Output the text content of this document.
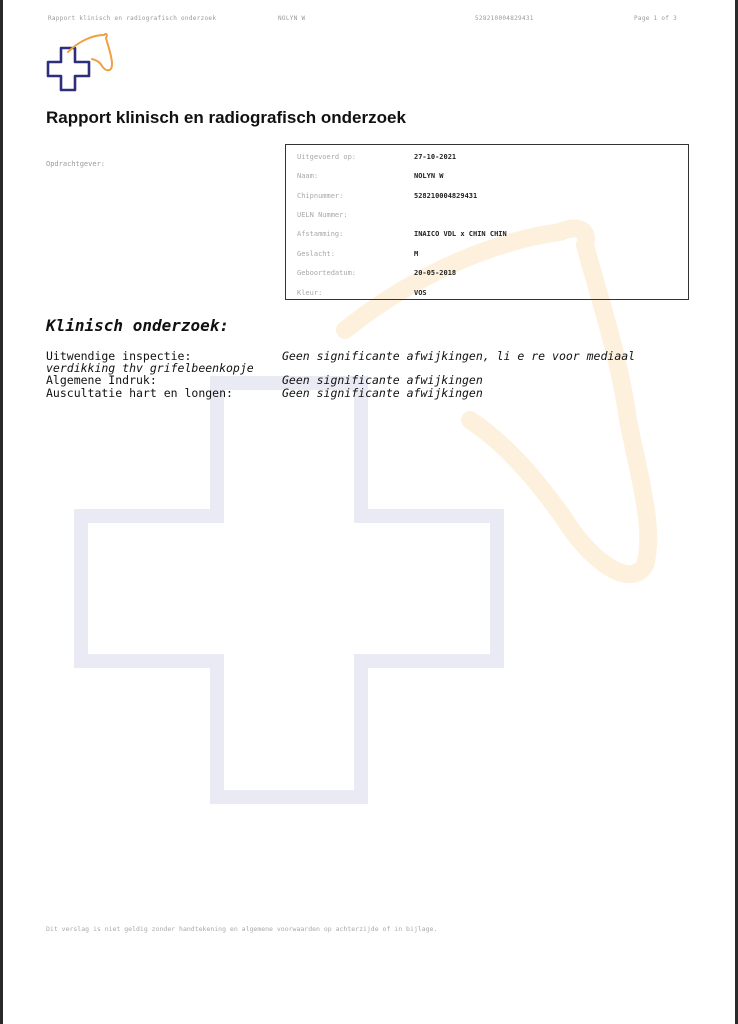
Rapport klinisch en radiografisch onderzoek	NOLYN W	528210004829431	Page 1 of 3
Rapport klinisch en radiografisch onderzoek
Opdrachtgever:
Uitgevoerd op:	27-10-2021
Naam:	NOLYN W
Chipnummer:	528210004829431
UELN Nummer:
Afstamming:	INAICO VDL x CHIN CHIN
Geslacht:	M
Geboortedatum:	20-05-2018
Kleur:	VOS
Klinisch onderzoek:
Uitwendige inspectie:	Geen significante afwijkingen, li e re voor mediaal
verdikking thv grifelbeenkopje
Algemene Indruk:	Geen significante afwijkingen
Auscultatie hart en longen:	Geen significante afwijkingen
Dit verslag is niet geldig zonder handtekening en algemene voorwaarden op achterzijde of in bijlage.
